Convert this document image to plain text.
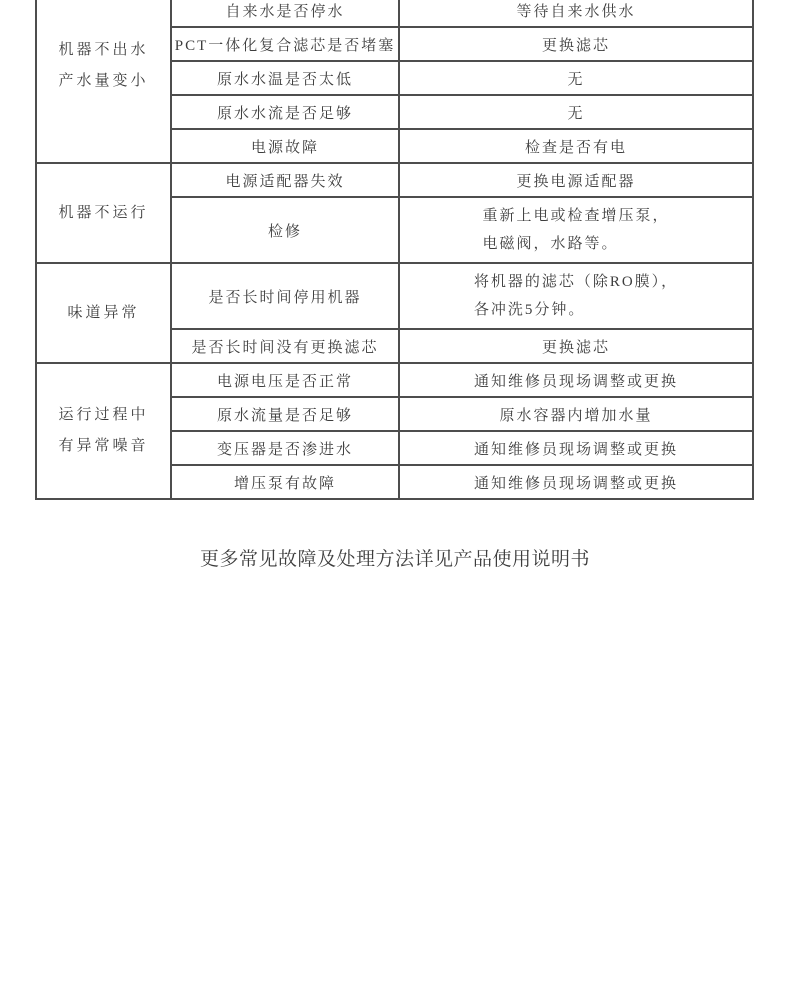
机器不出水
产水量变小	自来水是否停水	等待自来水供水
	PCT一体化复合滤芯是否堵塞	更换滤芯
	原水水温是否太低	无
	原水水流是否足够	无
	电源故障	检查是否有电

机器不运行	电源适配器失效	更换电源适配器
	检修	重新上电或检查增压泵，
电磁阀，水路等。

味道异常	是否长时间停用机器	将机器的滤芯（除RO膜），
各冲洗5分钟。

	是否长时间没有更换滤芯	更换滤芯

运行过程中
有异常噪音	电源电压是否正常	通知维修员现场调整或更换
	原水流量是否足够	原水容器内增加水量
	变压器是否渗进水	通知维修员现场调整或更换
	增压泵有故障	通知维修员现场调整或更换
更多常见故障及处理方法详见产品使用说明书
